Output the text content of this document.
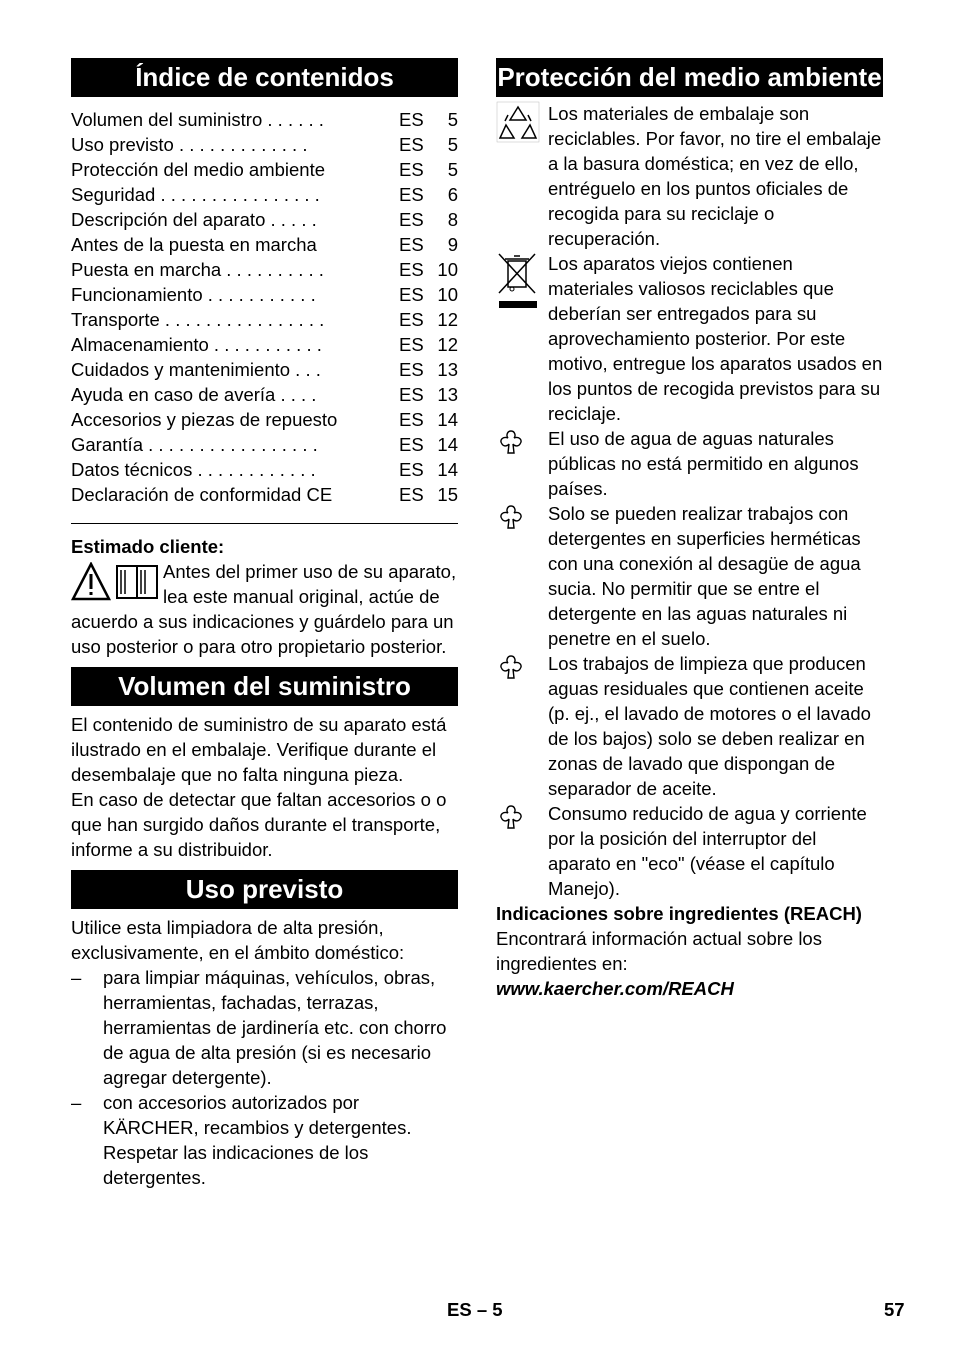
Índice de contenidos
Volumen del suministro . . . . . .	ES 5
Uso previsto . . . . . . . . . . . . .	ES 5
Protección del medio ambiente	ES 5
Seguridad . . . . . . . . . . . . . . . .	ES 6
Descripción del aparato . . . . .	ES 8
Antes de la puesta en marcha	ES 9
Puesta en marcha . . . . . . . . . .	ES 10
Funcionamiento . . . . . . . . . . .	ES 10
Transporte . . . . . . . . . . . . . . . .	ES 12
Almacenamiento . . . . . . . . . . .	ES 12
Cuidados y mantenimiento . . .	ES 13
Ayuda en caso de avería . . . .	ES 13
Accesorios y piezas de repuesto	ES 14
Garantía . . . . . . . . . . . . . . . . .	ES 14
Datos técnicos . . . . . . . . . . . .	ES 14
Declaración de conformidad CE	ES 15
Estimado cliente:
Antes del primer uso de su aparato, lea este manual original, actúe de acuerdo a sus indicaciones y guárdelo para un uso posterior o para otro propietario posterior.
Volumen del suministro

El contenido de suministro de su aparato está ilustrado en el embalaje. Verifique durante el desembalaje que no falta ninguna pieza.

En caso de detectar que faltan accesorios o o que han surgido daños durante el transporte, informe a su distribuidor.

Uso previsto

Utilice esta limpiadora de alta presión, exclusivamente, en el ámbito doméstico:

– para limpiar máquinas, vehículos, obras, herramientas, fachadas, terrazas, herramientas de jardinería etc. con chorro de agua de alta presión (si es necesario agregar detergente).
– con accesorios autorizados por KÄRCHER, recambios y detergentes. Respetar las indicaciones de los detergentes.
Protección del medio ambiente
Los materiales de embalaje son reciclables. Por favor, no tire el embalaje a la basura doméstica; en vez de ello, entréguelo en los puntos oficiales de recogida para su reciclaje o recuperación.
Los aparatos viejos contienen materiales valiosos reciclables que deberían ser entregados para su aprovechamiento posterior. Por este motivo, entregue los aparatos usados en los puntos de recogida previstos para su reciclaje.
El uso de agua de aguas naturales públicas no está permitido en algunos países.
Solo se pueden realizar trabajos con detergentes en superficies herméticas con una conexión al desagüe de agua sucia. No permitir que se entre el detergente en las aguas naturales ni penetre en el suelo.
Los trabajos de limpieza que producen aguas residuales que contienen aceite (p. ej., el lavado de motores o el lavado de los bajos) solo se deben realizar en zonas de lavado que dispongan de separador de aceite.
Consumo reducido de agua y corriente por la posición del interruptor del aparato en "eco" (véase el capítulo Manejo).
Indicaciones sobre ingredientes (REACH)
Encontrará información actual sobre los ingredientes en:
www.kaercher.com/REACH
ES – 5	57
